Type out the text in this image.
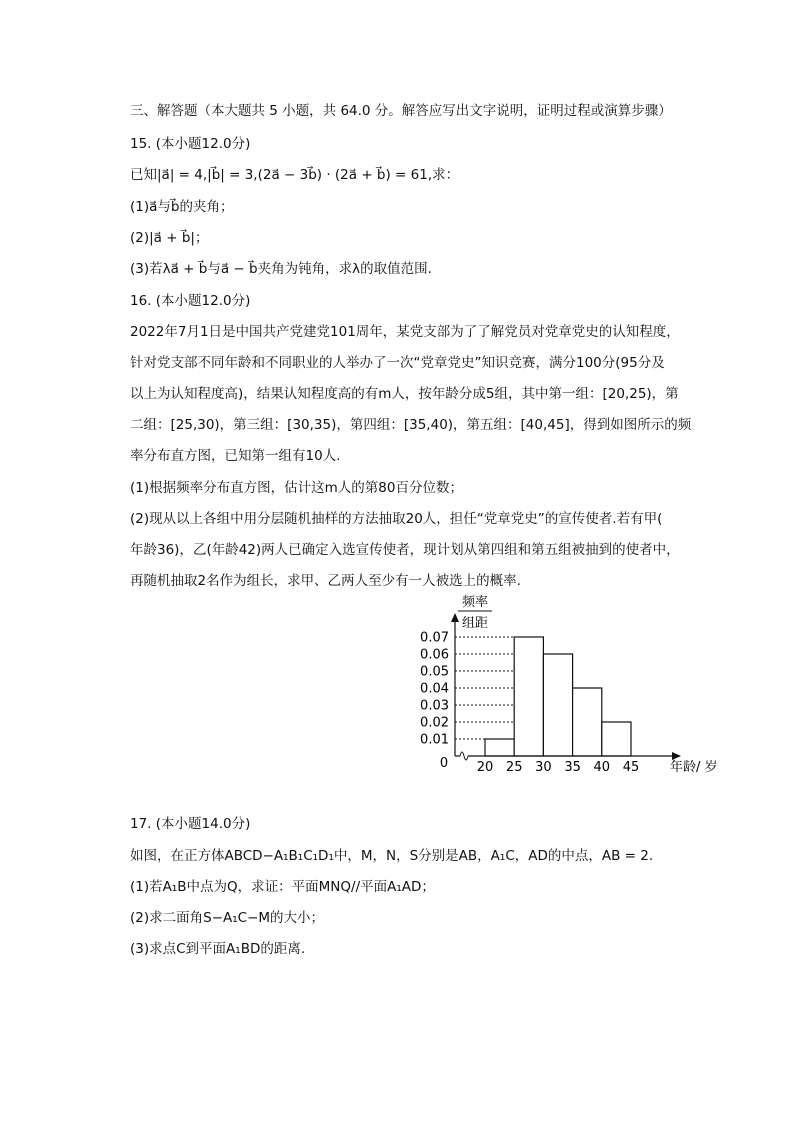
三、解答题（本大题共 5 小题，共 64.0 分。解答应写出文字说明，证明过程或演算步骤）
15. (本小题12.0分)
已知|a⃗| = 4,|b⃗| = 3,(2a⃗ − 3b⃗) · (2a⃗ + b⃗) = 61,求：
(1)a⃗与b⃗的夹角；
(2)|a⃗ + b⃗|；
(3)若λa⃗ + b⃗与a⃗ − b⃗夹角为钝角，求λ的取值范围.
16. (本小题12.0分)
2022年7月1日是中国共产党建党101周年，某党支部为了了解党员对党章党史的认知程度，
针对党支部不同年龄和不同职业的人举办了一次“党章党史”知识竞赛，满分100分(95分及
以上为认知程度高)，结果认知程度高的有m人，按年龄分成5组，其中第一组：[20,25)，第
二组：[25,30)，第三组：[30,35)，第四组：[35,40)，第五组：[40,45]，得到如图所示的频
率分布直方图，已知第一组有10人.
(1)根据频率分布直方图，估计这m人的第80百分位数；
(2)现从以上各组中用分层随机抽样的方法抽取20人，担任“党章党史”的宣传使者.若有甲(
年龄36)，乙(年龄42)两人已确定入选宣传使者，现计划从第四组和第五组被抽到的使者中，
再随机抽取2名作为组长，求甲、乙两人至少有一人被选上的概率.
频率
组距
年龄/ 岁
0
0.07
0.06
0.05
0.04
0.03
0.02
0.01
20 25 30 35 40 45
17. (本小题14.0分)
如图，在正方体ABCD−A₁B₁C₁D₁中，M，N，S分别是AB，A₁C，AD的中点，AB = 2.
(1)若A₁B中点为Q，求证：平面MNQ//平面A₁AD；
(2)求二面角S−A₁C−M的大小；
(3)求点C到平面A₁BD的距离.
